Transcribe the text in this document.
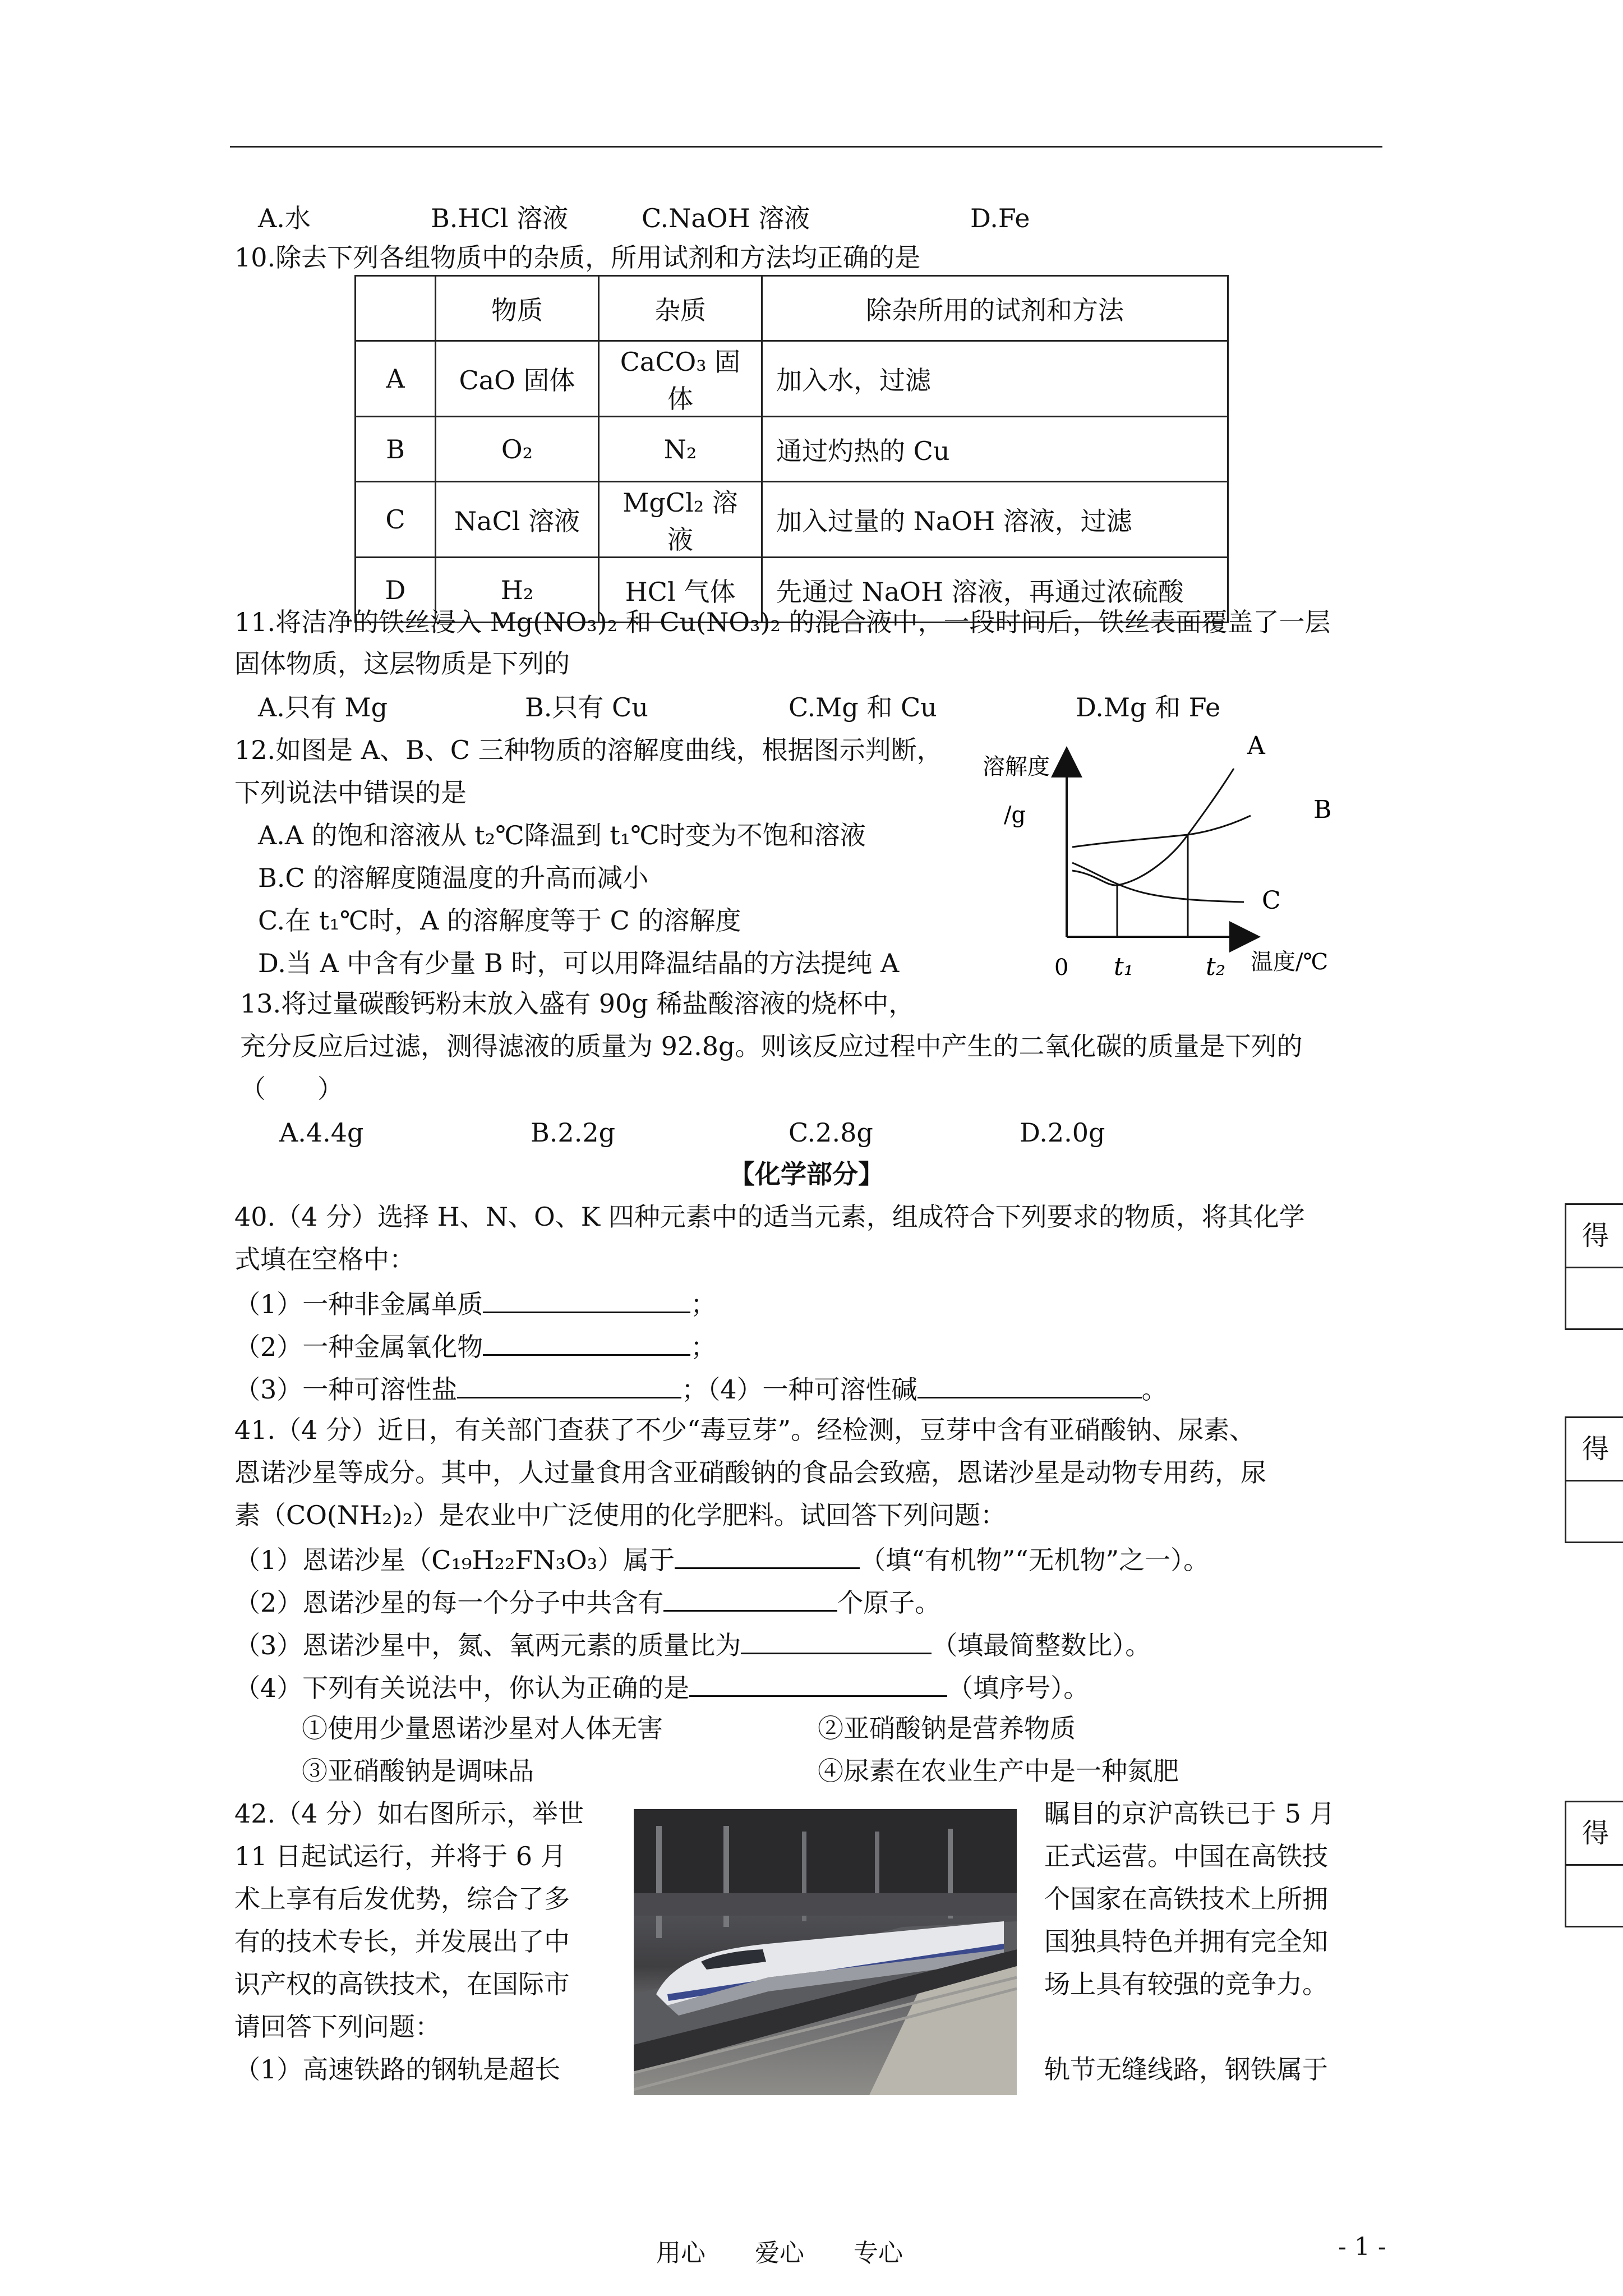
A.水	B.HCl 溶液	C.NaOH 溶液	D.Fe
10.除去下列各组物质中的杂质，所用试剂和方法均正确的是
	物质	杂质	除杂所用的试剂和方法
A	CaO 固体	CaCO₃ 固体	加入水，过滤
B	O₂	N₂	通过灼热的 Cu
C	NaCl 溶液	MgCl₂ 溶液	加入过量的 NaOH 溶液，过滤
D	H₂	HCl 气体	先通过 NaOH 溶液，再通过浓硫酸
11.将洁净的铁丝浸入 Mg(NO₃)₂ 和 Cu(NO₃)₂ 的混合液中，一段时间后，铁丝表面覆盖了一层
固体物质，这层物质是下列的
A.只有 Mg	B.只有 Cu	C.Mg 和 Cu	D.Mg 和 Fe
12.如图是 A、B、C 三种物质的溶解度曲线，根据图示判断，
下列说法中错误的是
A.A 的饱和溶液从 t₂℃降温到 t₁℃时变为不饱和溶液
B.C 的溶解度随温度的升高而减小
C.在 t₁℃时，A 的溶解度等于 C 的溶解度
D.当 A 中含有少量 B 时，可以用降温结晶的方法提纯 A
溶解度
/g
0 t₁	t₂ 温度/℃
A
B
C
13.将过量碳酸钙粉末放入盛有 90g 稀盐酸溶液的烧杯中，
充分反应后过滤，测得滤液的质量为 92.8g。则该反应过程中产生的二氧化碳的质量是下列的
（　　）
A.4.4g	B.2.2g	C.2.8g	D.2.0g
【化学部分】
40.（4 分）选择 H、N、O、K 四种元素中的适当元素，组成符合下列要求的物质，将其化学
式填在空格中：
（1）一种非金属单质	；
（2）一种金属氧化物	；
（3）一种可溶性盐	；（4）一种可溶性碱	。
41.（4 分）近日，有关部门查获了不少“毒豆芽”。经检测，豆芽中含有亚硝酸钠、尿素、
恩诺沙星等成分。其中，人过量食用含亚硝酸钠的食品会致癌，恩诺沙星是动物专用药，尿
素（CO(NH₂)₂）是农业中广泛使用的化学肥料。试回答下列问题：
（1）恩诺沙星（C₁₉H₂₂FN₃O₃）属于	（填“有机物”“无机物”之一）。
（2）恩诺沙星的每一个分子中共含有	个原子。
（3）恩诺沙星中，氮、氧两元素的质量比为	（填最简整数比）。
（4）下列有关说法中，你认为正确的是	（填序号）。
①使用少量恩诺沙星对人体无害	②亚硝酸钠是营养物质
③亚硝酸钠是调味品	④尿素在农业生产中是一种氮肥
42.（4 分）如右图所示，举世
11 日起试运行，并将于 6 月
术上享有后发优势，综合了多
有的技术专长，并发展出了中
识产权的高铁技术，在国际市
请回答下列问题：
（1）高速铁路的钢轨是超长
瞩目的京沪高铁已于 5 月
正式运营。中国在高铁技
个国家在高铁技术上所拥
国独具特色并拥有完全知
场上具有较强的竞争力。
轨节无缝线路，钢铁属于
得
得
得
用心 爱心 专心	- 1 -
